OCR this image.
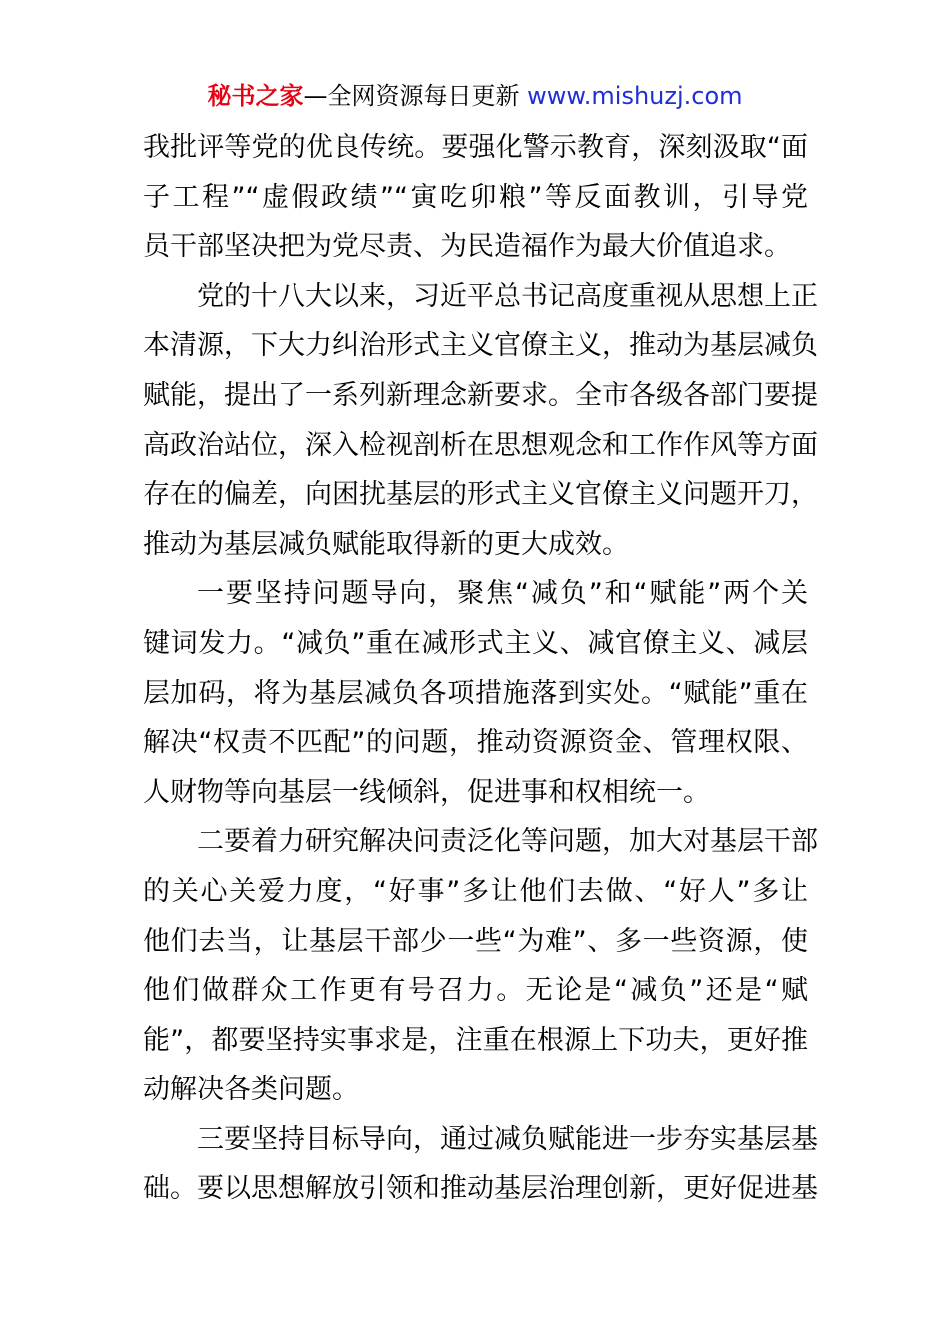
秘书之家—全网资源每日更新 www.mishuzj.com
我批评等党的优良传统。要强化警示教育，深刻汲取“面
子工程”“虚假政绩”“寅吃卯粮”等反面教训，引导党
员干部坚决把为党尽责、为民造福作为最大价值追求。
党的十八大以来，习近平总书记高度重视从思想上正
本清源，下大力纠治形式主义官僚主义，推动为基层减负
赋能，提出了一系列新理念新要求。全市各级各部门要提
高政治站位，深入检视剖析在思想观念和工作作风等方面
存在的偏差，向困扰基层的形式主义官僚主义问题开刀，
推动为基层减负赋能取得新的更大成效。
一要坚持问题导向，聚焦“减负”和“赋能”两个关
键词发力。“减负”重在减形式主义、减官僚主义、减层
层加码，将为基层减负各项措施落到实处。“赋能”重在
解决“权责不匹配”的问题，推动资源资金、管理权限、
人财物等向基层一线倾斜，促进事和权相统一。
二要着力研究解决问责泛化等问题，加大对基层干部
的关心关爱力度，“好事”多让他们去做、“好人”多让
他们去当，让基层干部少一些“为难”、多一些资源，使
他们做群众工作更有号召力。无论是“减负”还是“赋
能”，都要坚持实事求是，注重在根源上下功夫，更好推
动解决各类问题。
三要坚持目标导向，通过减负赋能进一步夯实基层基
础。要以思想解放引领和推动基层治理创新，更好促进基
